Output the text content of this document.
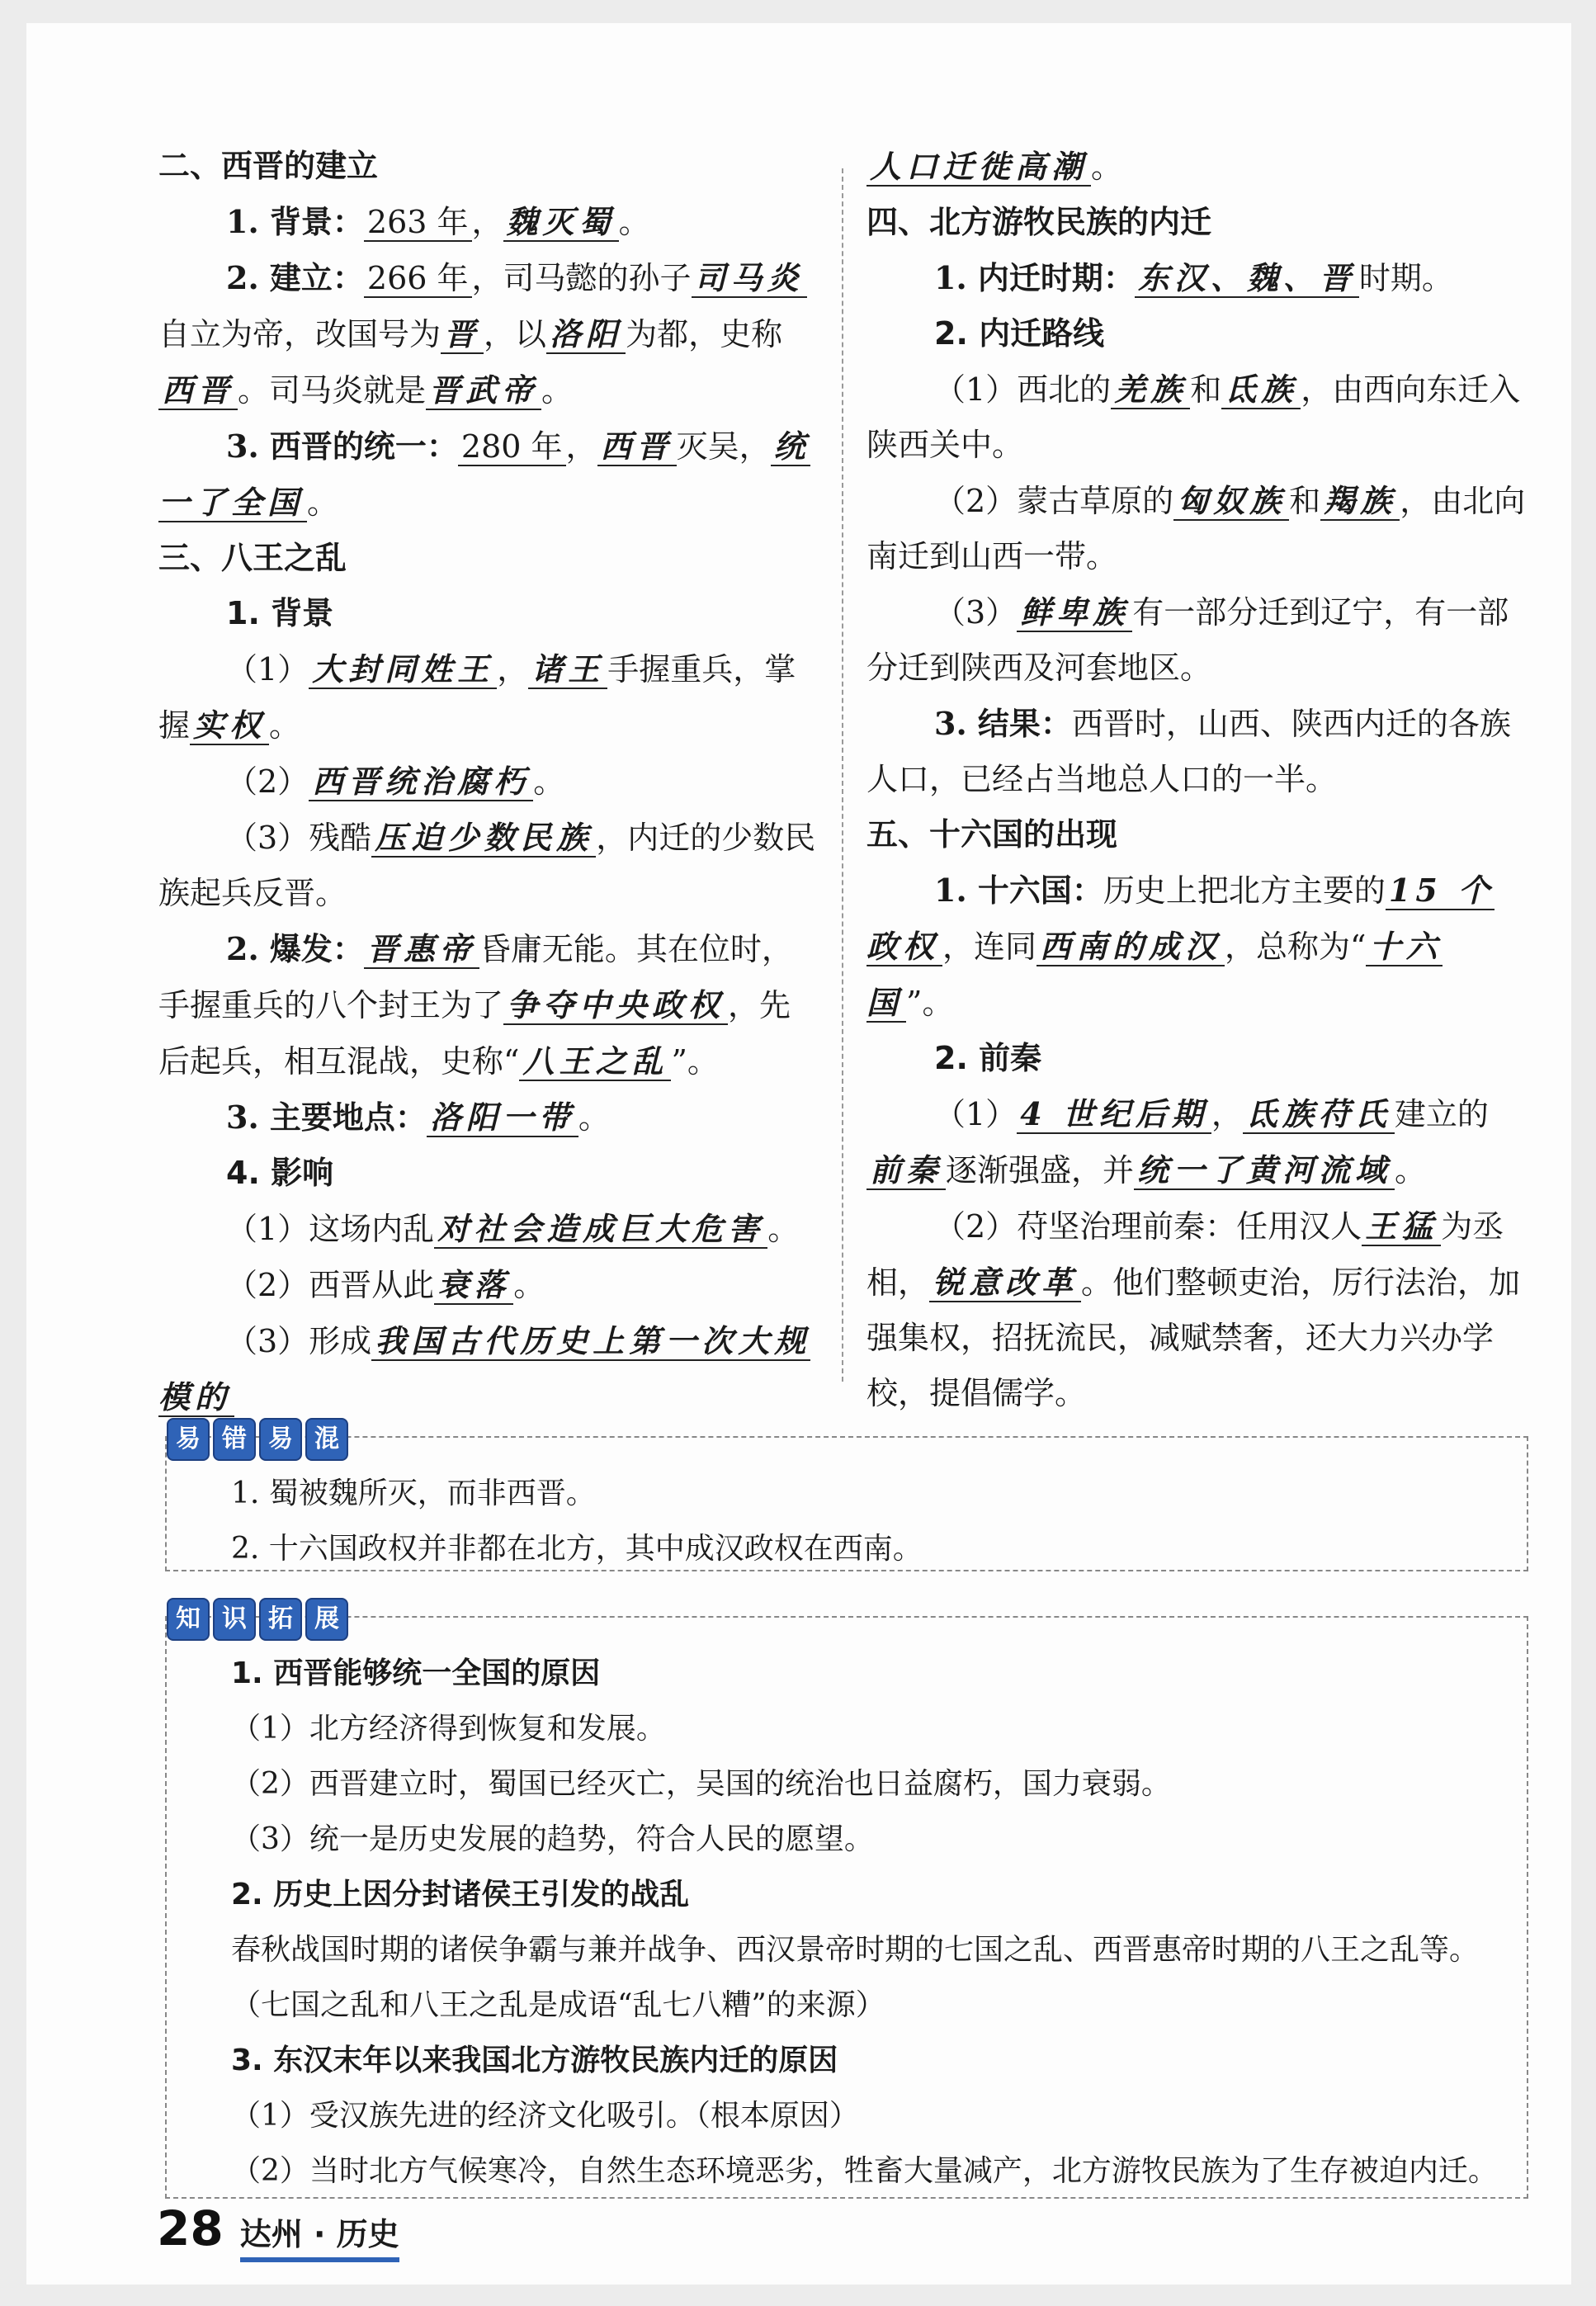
二、西晋的建立

1. 背景： 263 年 ， 魏灭蜀 。

2. 建立： 266 年 ，司马懿的孙子 司马炎自立为帝，改国号为 晋 ，以 洛阳 为都，史称西晋 。司马炎就是 晋武帝 。

3. 西晋的统一： 280 年 ， 西晋 灭吴， 统一了全国 。

三、八王之乱

1. 背景

（1） 大封同姓王 ， 诸王 手握重兵，掌握 实权 。

（2） 西晋统治腐朽 。

（3）残酷 压迫少数民族 ，内迁的少数民族起兵反晋。

2. 爆发： 晋惠帝 昏庸无能。其在位时，手握重兵的八个封王为了 争夺中央政权 ，先后起兵，相互混战，史称“ 八王之乱 ”。

3. 主要地点： 洛阳一带 。

4. 影响

（1）这场内乱 对社会造成巨大危害 。

（2）西晋从此 衰落 。

（3）形成 我国古代历史上第一次大规模的

人口迁徙高潮 。

四、北方游牧民族的内迁

1. 内迁时期： 东汉、魏、晋 时期。

2. 内迁路线

（1）西北的 羌族 和 氐族 ，由西向东迁入陕西关中。

（2）蒙古草原的 匈奴族 和 羯族 ，由北向南迁到山西一带。

（3） 鲜卑族 有一部分迁到辽宁，有一部分迁到陕西及河套地区。

3. 结果：西晋时，山西、陕西内迁的各族人口，已经占当地总人口的一半。

五、十六国的出现

1. 十六国：历史上把北方主要的 15 个政权 ，连同 西南的成汉 ，总称为“ 十六国 ”。

2. 前秦

（1） 4 世纪后期 ， 氐族苻氏 建立的前秦 逐渐强盛，并 统一了黄河流域 。

（2）苻坚治理前秦：任用汉人 王猛 为丞相， 锐意改革 。他们整顿吏治，厉行法治，加强集权，招抚流民，减赋禁奢，还大力兴办学校，提倡儒学。

1. 蜀被魏所灭，而非西晋。

2. 十六国政权并非都在北方，其中成汉政权在西南。

易 错 易 混

1. 西晋能够统一全国的原因

（1）北方经济得到恢复和发展。

（2）西晋建立时，蜀国已经灭亡，吴国的统治也日益腐朽，国力衰弱。

（3）统一是历史发展的趋势，符合人民的愿望。

2. 历史上因分封诸侯王引发的战乱

春秋战国时期的诸侯争霸与兼并战争、西汉景帝时期的七国之乱、西晋惠帝时期的八王之乱等。（七国之乱和八王之乱是成语“乱七八糟”的来源）

3. 东汉末年以来我国北方游牧民族内迁的原因

（1）受汉族先进的经济文化吸引。（根本原因）

（2）当时北方气候寒冷，自然生态环境恶劣，牲畜大量减产，北方游牧民族为了生存被迫内迁。

知 识 拓 展
28 达州 · 历史
